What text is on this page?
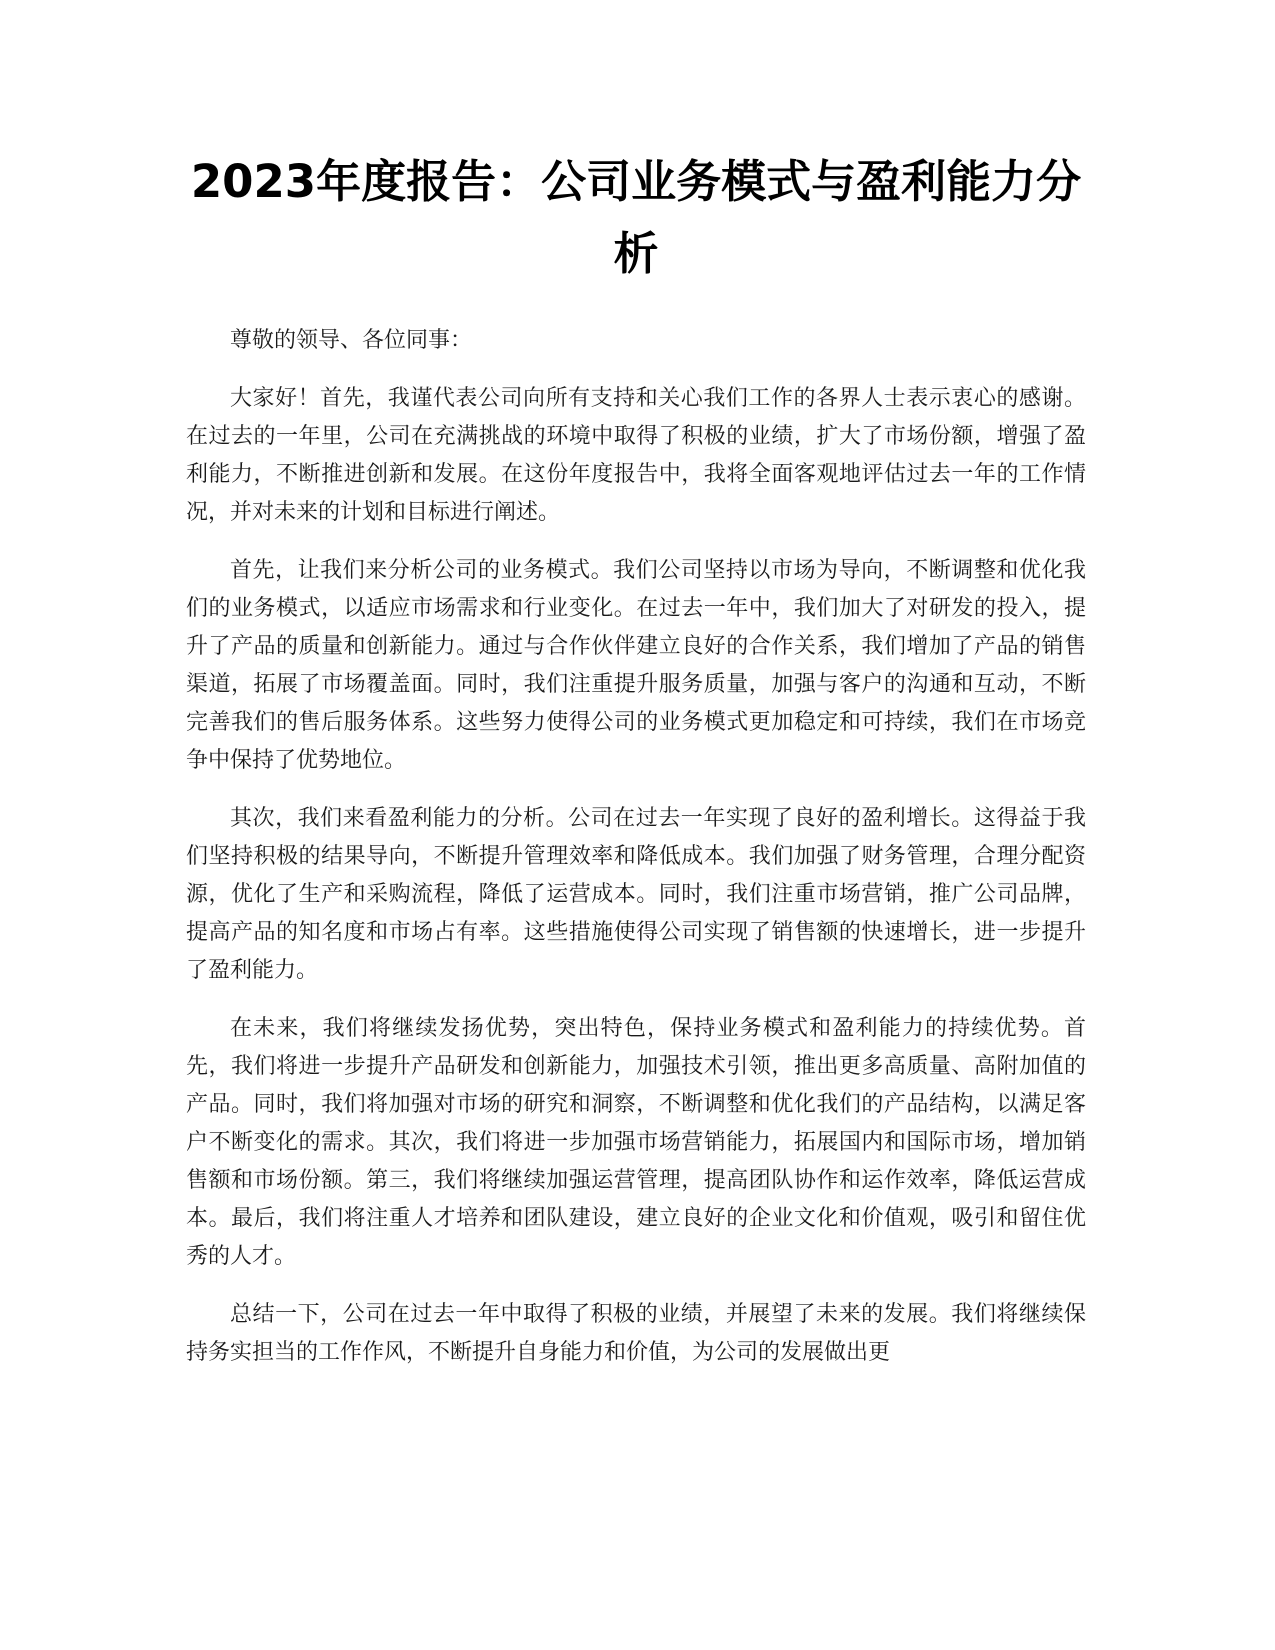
2023年度报告：公司业务模式与盈利能力分析

尊敬的领导、各位同事：

大家好！首先，我谨代表公司向所有支持和关心我们工作的各界人士表示衷心的感谢。在过去的一年里，公司在充满挑战的环境中取得了积极的业绩，扩大了市场份额，增强了盈利能力，不断推进创新和发展。在这份年度报告中，我将全面客观地评估过去一年的工作情况，并对未来的计划和目标进行阐述。

首先，让我们来分析公司的业务模式。我们公司坚持以市场为导向，不断调整和优化我们的业务模式，以适应市场需求和行业变化。在过去一年中，我们加大了对研发的投入，提升了产品的质量和创新能力。通过与合作伙伴建立良好的合作关系，我们增加了产品的销售渠道，拓展了市场覆盖面。同时，我们注重提升服务质量，加强与客户的沟通和互动，不断完善我们的售后服务体系。这些努力使得公司的业务模式更加稳定和可持续，我们在市场竞争中保持了优势地位。

其次，我们来看盈利能力的分析。公司在过去一年实现了良好的盈利增长。这得益于我们坚持积极的结果导向，不断提升管理效率和降低成本。我们加强了财务管理，合理分配资源，优化了生产和采购流程，降低了运营成本。同时，我们注重市场营销，推广公司品牌，提高产品的知名度和市场占有率。这些措施使得公司实现了销售额的快速增长，进一步提升了盈利能力。

在未来，我们将继续发扬优势，突出特色，保持业务模式和盈利能力的持续优势。首先，我们将进一步提升产品研发和创新能力，加强技术引领，推出更多高质量、高附加值的产品。同时，我们将加强对市场的研究和洞察，不断调整和优化我们的产品结构，以满足客户不断变化的需求。其次，我们将进一步加强市场营销能力，拓展国内和国际市场，增加销售额和市场份额。第三，我们将继续加强运营管理，提高团队协作和运作效率，降低运营成本。最后，我们将注重人才培养和团队建设，建立良好的企业文化和价值观，吸引和留住优秀的人才。

总结一下，公司在过去一年中取得了积极的业绩，并展望了未来的发展。我们将继续保持务实担当的工作作风，不断提升自身能力和价值，为公司的发展做出更
